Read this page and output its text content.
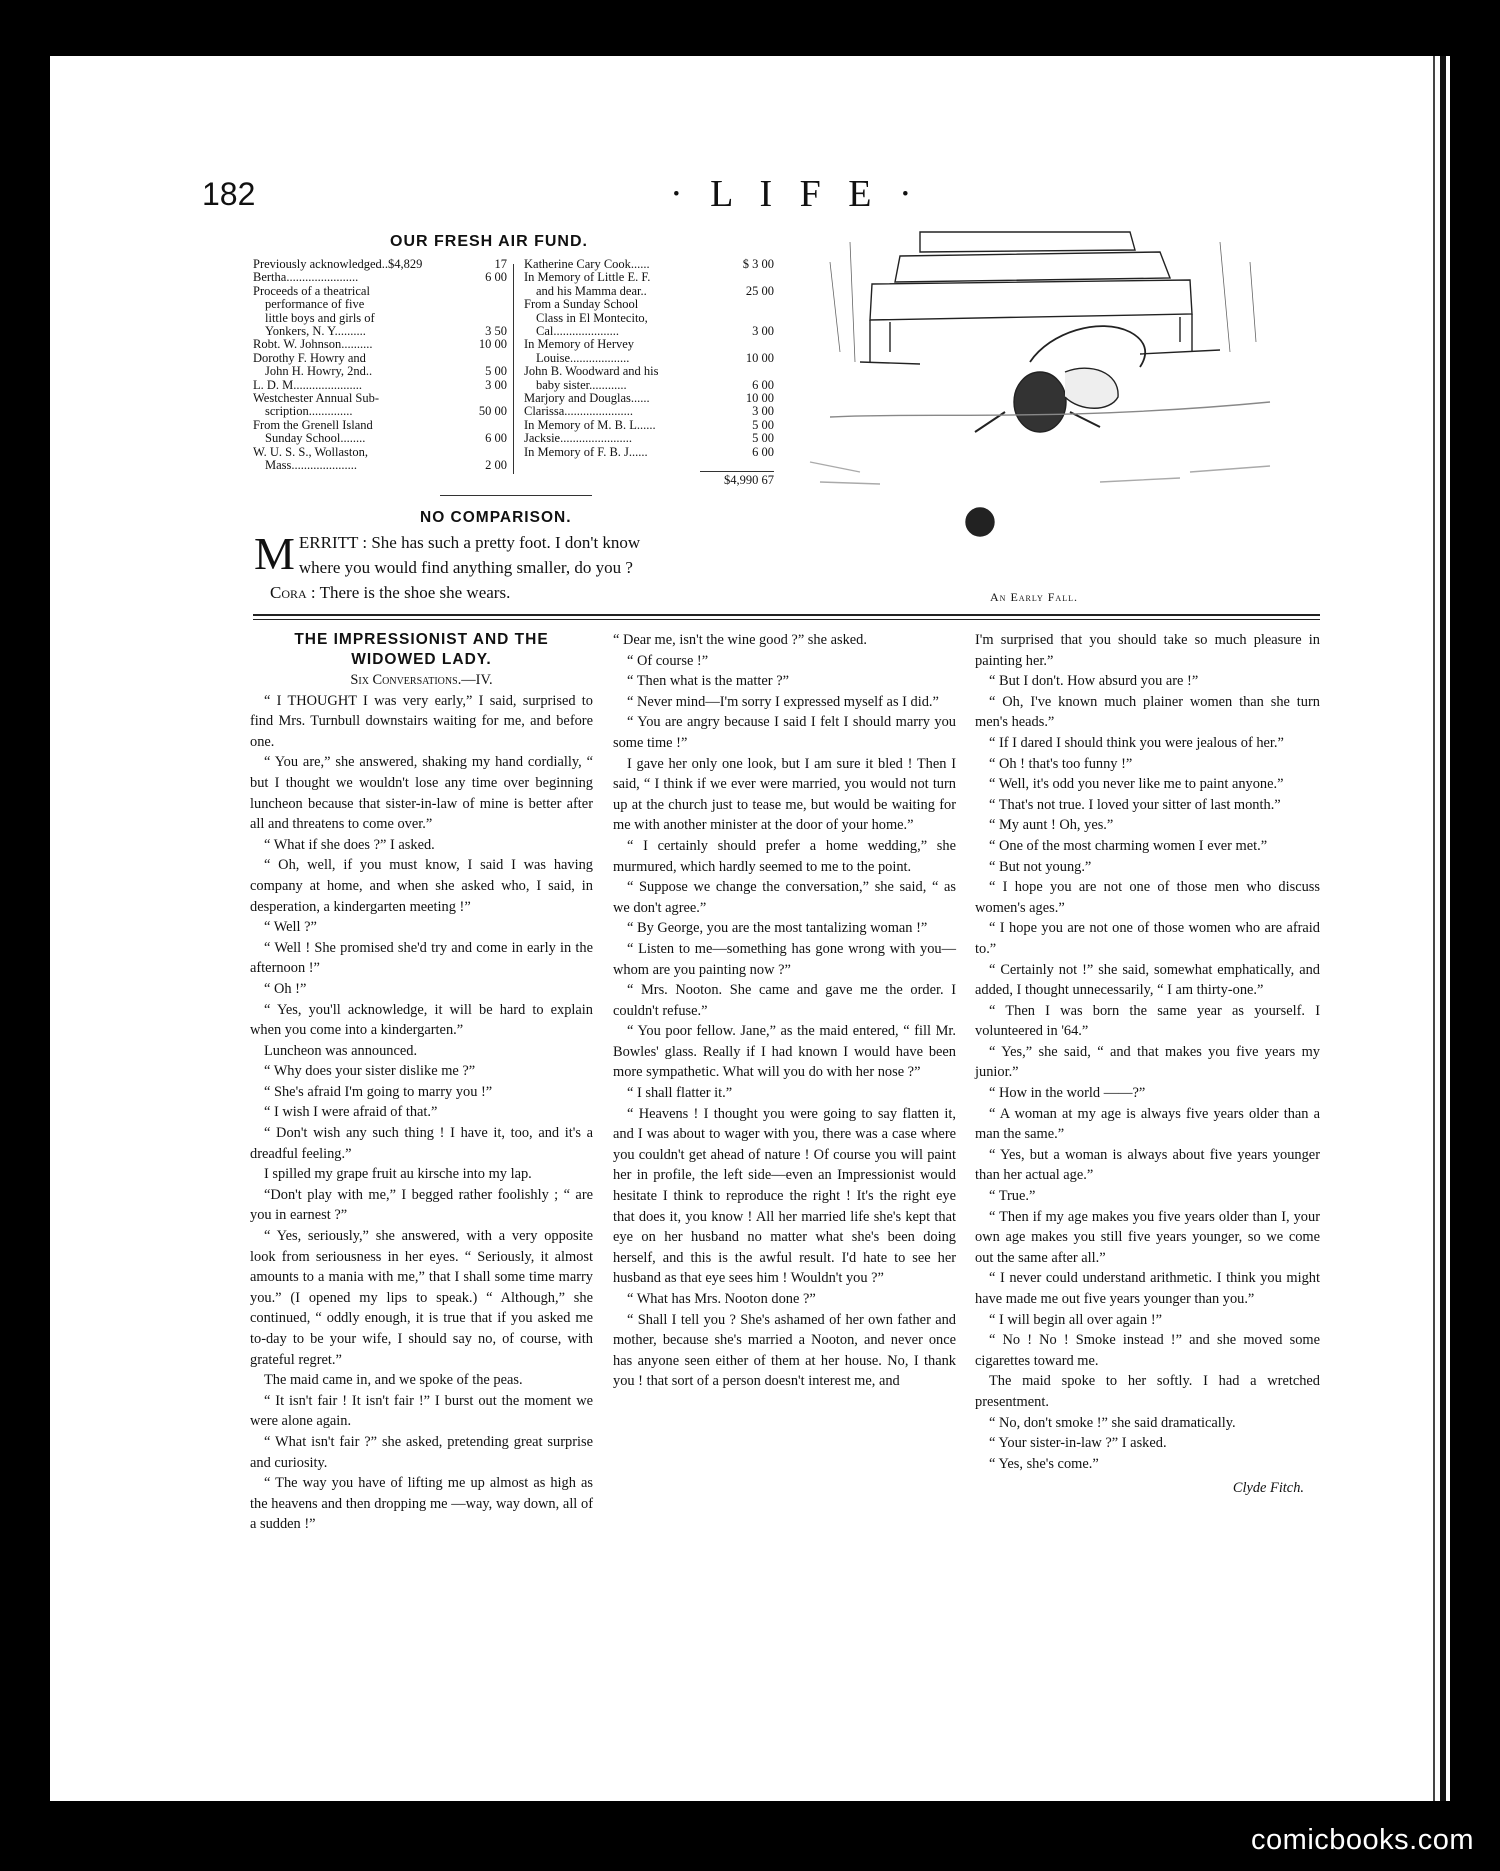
182	· L I F E ·
OUR FRESH AIR FUND.
Previously acknowledged..$4,829	17
Bertha.......................	6 00
Proceeds of a theatrical
performance of five
little boys and girls of
Yonkers, N. Y..........	3 50
Robt. W. Johnson..........	10 00
Dorothy F. Howry and
John H. Howry, 2nd..	5 00
L. D. M......................	3 00
Westchester Annual Sub-
scription..............	50 00
From the Grenell Island
Sunday School........	6 00
W. U. S. S., Wollaston,
Mass.....................	2 00
Katherine Cary Cook......	$ 3 00
In Memory of Little E. F.
and his Mamma dear..	25 00
From a Sunday School
Class in El Montecito,
Cal.....................	3 00
In Memory of Hervey
Louise...................	10 00
John B. Woodward and his
baby sister............	6 00
Marjory and Douglas......	10 00
Clarissa......................	3 00
In Memory of M. B. L......	5 00
Jacksie.......................	5 00
In Memory of F. B. J......	6 00
$4,990 67
NO COMPARISON.
M ERRITT : She has such a pretty foot. I don't know
where you would find anything smaller, do you ?
Cora : There is the shoe she wears.	An Early Fall.
THE IMPRESSIONIST AND THE WIDOWED LADY.
Six Conversations.—IV.

“ I THOUGHT I was very early,” I said, surprised to find Mrs. Turnbull downstairs waiting for me, and before one.

“ You are,” she answered, shaking my hand cordially, “ but I thought we wouldn't lose any time over beginning luncheon because that sister-in-law of mine is better after all and threatens to come over.”

“ What if she does ?” I asked.

“ Oh, well, if you must know, I said I was having company at home, and when she asked who, I said, in desperation, a kindergarten meeting !”

“ Well ?”

“ Well ! She promised she'd try and come in early in the afternoon !”

“ Oh !”

“ Yes, you'll acknowledge, it will be hard to explain when you come into a kindergarten.”

Luncheon was announced.

“ Why does your sister dislike me ?”

“ She's afraid I'm going to marry you !”

“ I wish I were afraid of that.”

“ Don't wish any such thing ! I have it, too, and it's a dreadful feeling.”

I spilled my grape fruit au kirsche into my lap.

“Don't play with me,” I begged rather foolishly ; “ are you in earnest ?”

“ Yes, seriously,” she answered, with a very opposite look from seriousness in her eyes. “ Seriously, it almost amounts to a mania with me,” that I shall some time marry you.” (I opened my lips to speak.) “ Although,” she continued, “ oddly enough, it is true that if you asked me to-day to be your wife, I should say no, of course, with grateful regret.”

The maid came in, and we spoke of the peas.

“ It isn't fair ! It isn't fair !” I burst out the moment we were alone again.

“ What isn't fair ?” she asked, pretending great surprise and curiosity.

“ The way you have of lifting me up almost as high as the heavens and then dropping me —way, way down, all of a sudden !”

“ Dear me, isn't the wine good ?” she asked.

“ Of course !”

“ Then what is the matter ?”

“ Never mind—I'm sorry I expressed myself as I did.”

“ You are angry because I said I felt I should marry you some time !”

I gave her only one look, but I am sure it bled ! Then I said, “ I think if we ever were married, you would not turn up at the church just to tease me, but would be waiting for me with another minister at the door of your home.”

“ I certainly should prefer a home wedding,” she murmured, which hardly seemed to me to the point.

“ Suppose we change the conversation,” she said, “ as we don't agree.”

“ By George, you are the most tantalizing woman !”

“ Listen to me—something has gone wrong with you—whom are you painting now ?”

“ Mrs. Nooton. She came and gave me the order. I couldn't refuse.”

“ You poor fellow. Jane,” as the maid entered, “ fill Mr. Bowles' glass. Really if I had known I would have been more sympathetic. What will you do with her nose ?”

“ I shall flatter it.”

“ Heavens ! I thought you were going to say flatten it, and I was about to wager with you, there was a case where you couldn't get ahead of nature ! Of course you will paint her in profile, the left side—even an Impressionist would hesitate I think to reproduce the right ! It's the right eye that does it, you know ! All her married life she's kept that eye on her husband no matter what she's been doing herself, and this is the awful result. I'd hate to see her husband as that eye sees him ! Wouldn't you ?”

“ What has Mrs. Nooton done ?”

“ Shall I tell you ? She's ashamed of her own father and mother, because she's married a Nooton, and never once has anyone seen either of them at her house. No, I thank you ! that sort of a person doesn't interest me, and

I'm surprised that you should take so much pleasure in painting her.”

“ But I don't. How absurd you are !”

“ Oh, I've known much plainer women than she turn men's heads.”

“ If I dared I should think you were jealous of her.”

“ Oh ! that's too funny !”

“ Well, it's odd you never like me to paint anyone.”

“ That's not true. I loved your sitter of last month.”

“ My aunt ! Oh, yes.”

“ One of the most charming women I ever met.”

“ But not young.”

“ I hope you are not one of those men who discuss women's ages.”

“ I hope you are not one of those women who are afraid to.”

“ Certainly not !” she said, somewhat emphatically, and added, I thought unnecessarily, “ I am thirty-one.”

“ Then I was born the same year as yourself. I volunteered in '64.”

“ Yes,” she said, “ and that makes you five years my junior.”

“ How in the world ——?”

“ A woman at my age is always five years older than a man the same.”

“ Yes, but a woman is always about five years younger than her actual age.”

“ True.”

“ Then if my age makes you five years older than I, your own age makes you still five years younger, so we come out the same after all.”

“ I never could understand arithmetic. I think you might have made me out five years younger than you.”

“ I will begin all over again !”

“ No ! No ! Smoke instead !” and she moved some cigarettes toward me.

The maid spoke to her softly. I had a wretched presentment.

“ No, don't smoke !” she said dramatically.

“ Your sister-in-law ?” I asked.

“ Yes, she's come.”

Clyde Fitch.
comicbooks.com
